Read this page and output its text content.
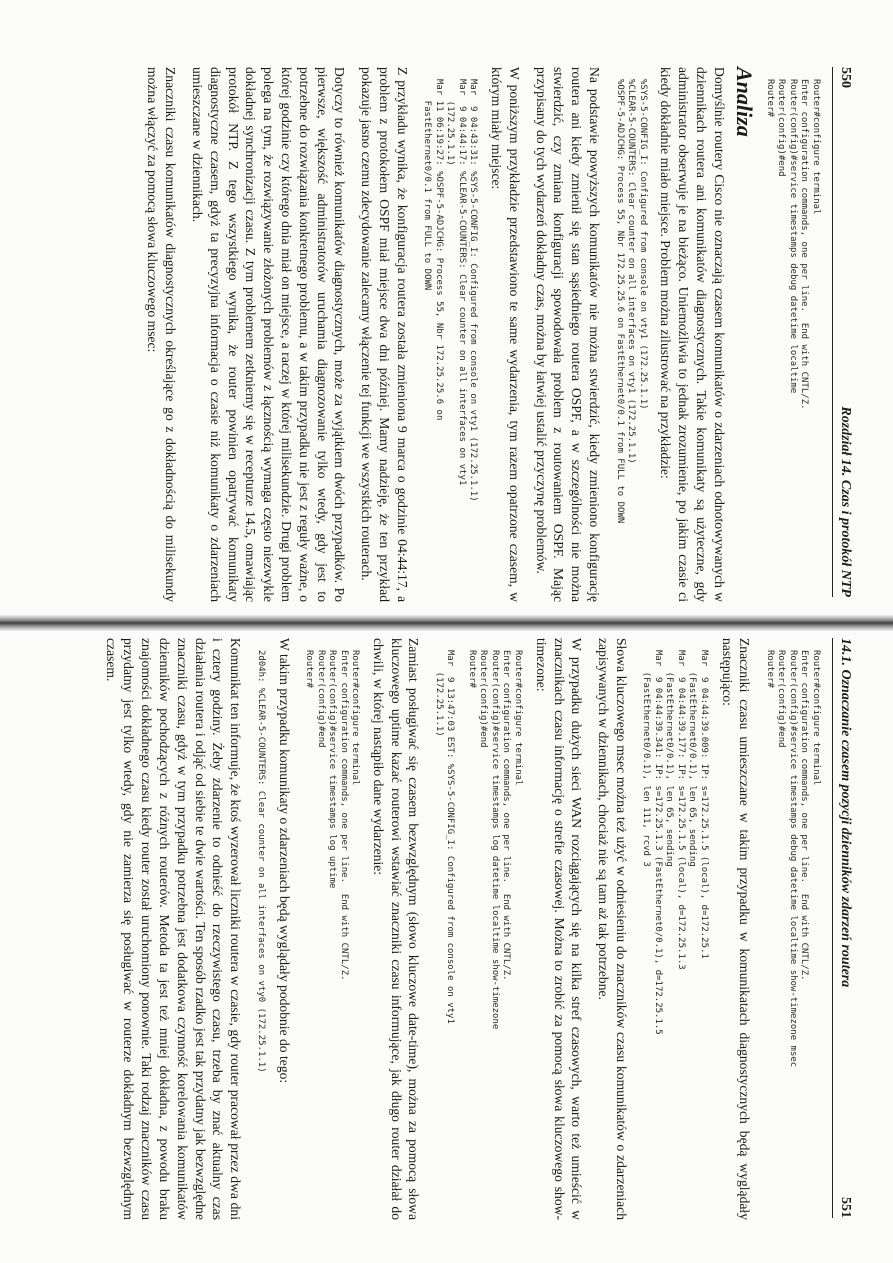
550
Rozdział 14. Czas i protokół NTP
Router#configure terminal
Enter configuration commands, one per line.  End with CNTL/Z.
Router(config)#service timestamps debug datetime localtime
Router(config)#end
Router#
Analiza

Domyślnie routery Cisco nie oznaczają czasem komunikatów o zdarzeniach odnotowywanych w dziennikach routera ani komunikatów diagnostycznych. Takie komunikaty są użyteczne, gdy administrator obserwuje je na bieżąco. Uniemożliwia to jednak zrozumienie, po jakim czasie ci kiedy dokładnie miało miejsce. Problem można zilustrować na przykładzie:

%SYS-5-CONFIG_I: Configured from console on vty1 (172.25.1.1)
%CLEAR-5-COUNTERS: Clear counter on all interfaces on vty1 (172.25.1.1)
%OSPF-5-ADJCHG: Process 55, Nbr 172.25.25.6 on FastEthernet0/0.1 from FULL to DOWN

Na podstawie powyższych komunikatów nie można stwierdzić, kiedy zmieniono konfigurację routera ani kiedy zmienił się stan sąsiedniego routera OSPF, a w szczególności nie można stwierdzić, czy zmiana konfiguracji spowodowała problem z routowaniem OSPF. Mając przypisany do tych wydarzeń dokładny czas, można by łatwiej ustalić przyczynę problemów.

W poniższym przykładzie przedstawiono te same wydarzenia, tym razem opatrzone czasem, w którym miały miejsce:

Mar  9 04:43:31: %SYS-5-CONFIG_I: Configured from console on vty1 (172.25.1.1)
Mar  9 04:44:17: %CLEAR-5-COUNTERS: Clear counter on all interfaces on vty1
(172.25.1.1)
Mar 11 06:19:27: %OSPF-5-ADJCHG: Process 55, Nbr 172.25.25.6 on
FastEthernet0/0.1 from FULL to DOWN

Z przykładu wynika, że konfiguracja routera została zmieniona 9 marca o godzinie 04:44:17, a problem z protokołem OSPF miał miejsce dwa dni później. Mamy nadzieję, że ten przykład pokazuje jasno czemu zdecydowanie zalecamy włączenie tej funkcji we wszystkich routerach.

Dotyczy to również komunikatów diagnostycznych, może za wyjątkiem dwóch przypadków. Po pierwsze, większość administratorów uruchamia diagnozowanie tylko wtedy, gdy jest to potrzebne do rozwiązania konkretnego problemu, a w takim przypadku nie jest z reguły ważne, o której godzinie czy którego dnia miał on miejsce, a raczej w której milisekundzie. Drugi problem polega na tym, że rozwiązywanie złożonych problemów z łącznością wymaga często niezwykle dokładnej synchronizacji czasu. Z tym problemem zetkniemy się w recepturze 14.5, omawiając protokół NTP. Z tego wszystkiego wynika, że router powinien opatrywać komunikaty diagnostyczne czasem, gdyż ta precyzyjna informacja o czasie niż komunikaty o zdarzeniach umieszczane w dziennikach.

Znaczniki czasu komunikatów diagnostycznych określające go z dokładnością do milisekundy można włączyć za pomocą słowa kluczowego msec:

14.1. Oznaczanie czasem pozycji dzienników zdarzeń routera
551
Router#configure terminal
Enter configuration commands, one per line.  End with CNTL/Z.
Router(config)#service timestamps debug datetime localtime show-timezone msec
Router(config)#end
Router#

Znaczniki czasu umieszczane w takim przypadku w komunikatach diagnostycznych będą wyglądały następująco:

Mar  9 04:44:39.009: IP: s=172.25.1.5 (local), d=172.25.1
(FastEthernet0/0.1), len 65, sending
Mar  9 04:44:39.177: IP: s=172.25.1.5 (local), d=172.25.1.3
(FastEthernet0/0.1), len 65, sending
Mar  9 04:44:39.341: IP: s=172.25.1.3 (FastEthernet0/0.1), d=172.25.1.5
(FastEthernet0/0.1), len 111, rcvd 3

Słowa kluczowego msec można też użyć w odniesieniu do znaczników czasu komunikatów o zdarzeniach zapisywanych w dziennikach, chociaż nie są tam aż tak potrzebne.

W przypadku dużych sieci WAN rozciągających się na kilka stref czasowych, warto też umieścić w znacznikach czasu informację o strefie czasowej. Można to zrobić za pomocą słowa kluczowego show-timezone:

Router#configure terminal
Enter configuration commands, one per line.  End with CNTL/Z.
Router(config)#service timestamps log datetime localtime show-timezone
Router(config)#end
Router#
Mar  9 13:47:03 EST: %SYS-5-CONFIG_I: Configured from console on vty1
(172.25.1.1)

Zamiast posługiwać się czasem bezwzględnym (słowo kluczowe date-time), można za pomocą słowa kluczowego uptime kazać routerowi wstawiać znaczniki czasu informujące, jak długo router działał do chwili, w której nastąpiło dane wydarzenie:

Router#configure terminal
Enter configuration commands, one per line.  End with CNTL/Z.
Router(config)#service timestamps log uptime
Router(config)#end
Router#

W takim przypadku komunikaty o zdarzeniach będą wyglądały podobnie do tego:

2d04h: %CLEAR-5-COUNTERS: Clear counter on all interfaces on vty0 (172.25.1.1)

Komunikat ten informuje, że ktoś wyzerował liczniki routera w czasie, gdy router pracował przez dwa dni i cztery godziny. Żeby zdarzenie to odnieść do rzeczywistego czasu, trzeba by znać aktualny czas działania routera i odjąć od siebie te dwie wartości. Ten sposób rzadko jest tak przydatny jak bezwzględne znaczniki czasu, gdyż w tym przypadku potrzebna jest dodatkowa czynność korelowania komunikatów dzienników pochodzących z różnych routerów. Metoda ta jest też mniej dokładna, z powodu braku znajomości dokładnego czasu kiedy router został uruchomiony ponownie. Taki rodzaj znaczników czasu przydatny jest tylko wtedy, gdy nie zamierza się posługiwać w routerze dokładnym bezwzględnym czasem.
